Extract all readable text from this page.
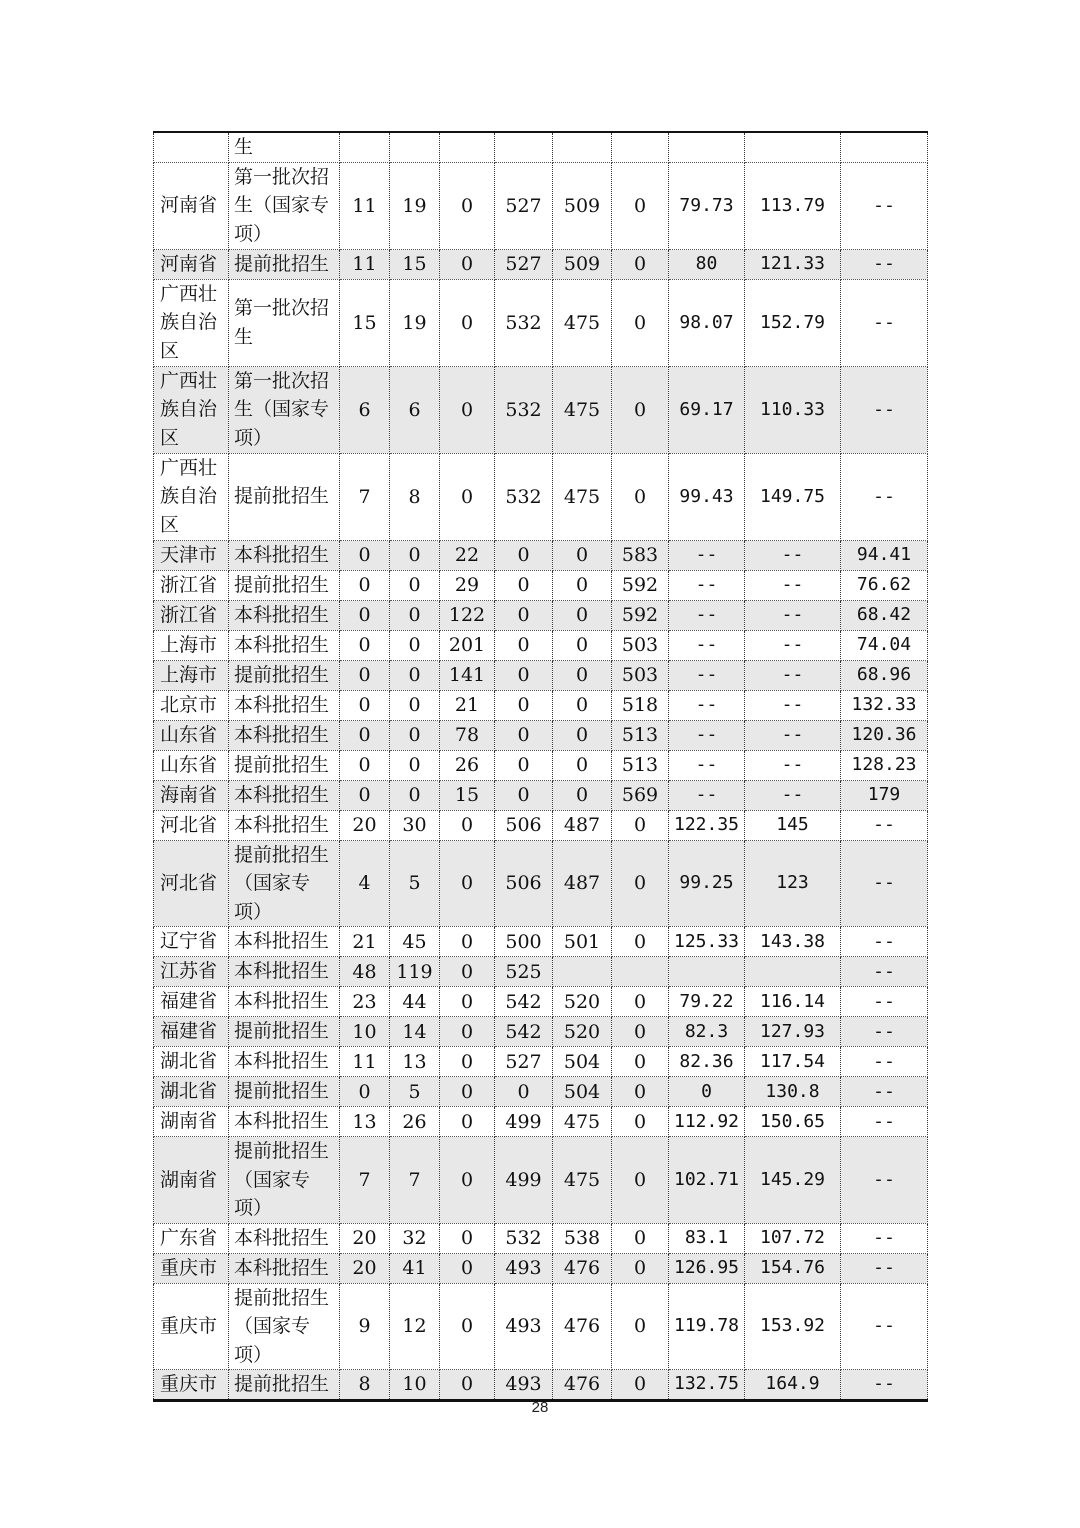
	生									
河南省	第一批次招生（国家专项）	11	19	0	527	509	0	79.73	113.79	--
河南省	提前批招生	11	15	0	527	509	0	80	121.33	--
广西壮族自治区	第一批次招生	15	19	0	532	475	0	98.07	152.79	--
广西壮族自治区	第一批次招生（国家专项）	6	6	0	532	475	0	69.17	110.33	--
广西壮族自治区	提前批招生	7	8	0	532	475	0	99.43	149.75	--
天津市	本科批招生	0	0	22	0	0	583	--	--	94.41
浙江省	提前批招生	0	0	29	0	0	592	--	--	76.62
浙江省	本科批招生	0	0	122	0	0	592	--	--	68.42
上海市	本科批招生	0	0	201	0	0	503	--	--	74.04
上海市	提前批招生	0	0	141	0	0	503	--	--	68.96
北京市	本科批招生	0	0	21	0	0	518	--	--	132.33
山东省	本科批招生	0	0	78	0	0	513	--	--	120.36
山东省	提前批招生	0	0	26	0	0	513	--	--	128.23
海南省	本科批招生	0	0	15	0	0	569	--	--	179
河北省	本科批招生	20	30	0	506	487	0	122.35	145	--
河北省	提前批招生（国家专项）	4	5	0	506	487	0	99.25	123	--
辽宁省	本科批招生	21	45	0	500	501	0	125.33	143.38	--
江苏省	本科批招生	48	119	0	525					--
福建省	本科批招生	23	44	0	542	520	0	79.22	116.14	--
福建省	提前批招生	10	14	0	542	520	0	82.3	127.93	--
湖北省	本科批招生	11	13	0	527	504	0	82.36	117.54	--
湖北省	提前批招生	0	5	0	0	504	0	0	130.8	--
湖南省	本科批招生	13	26	0	499	475	0	112.92	150.65	--
湖南省	提前批招生（国家专项）	7	7	0	499	475	0	102.71	145.29	--
广东省	本科批招生	20	32	0	532	538	0	83.1	107.72	--
重庆市	本科批招生	20	41	0	493	476	0	126.95	154.76	--
重庆市	提前批招生（国家专项）	9	12	0	493	476	0	119.78	153.92	--
重庆市	提前批招生	8	10	0	493	476	0	132.75	164.9	--
28
